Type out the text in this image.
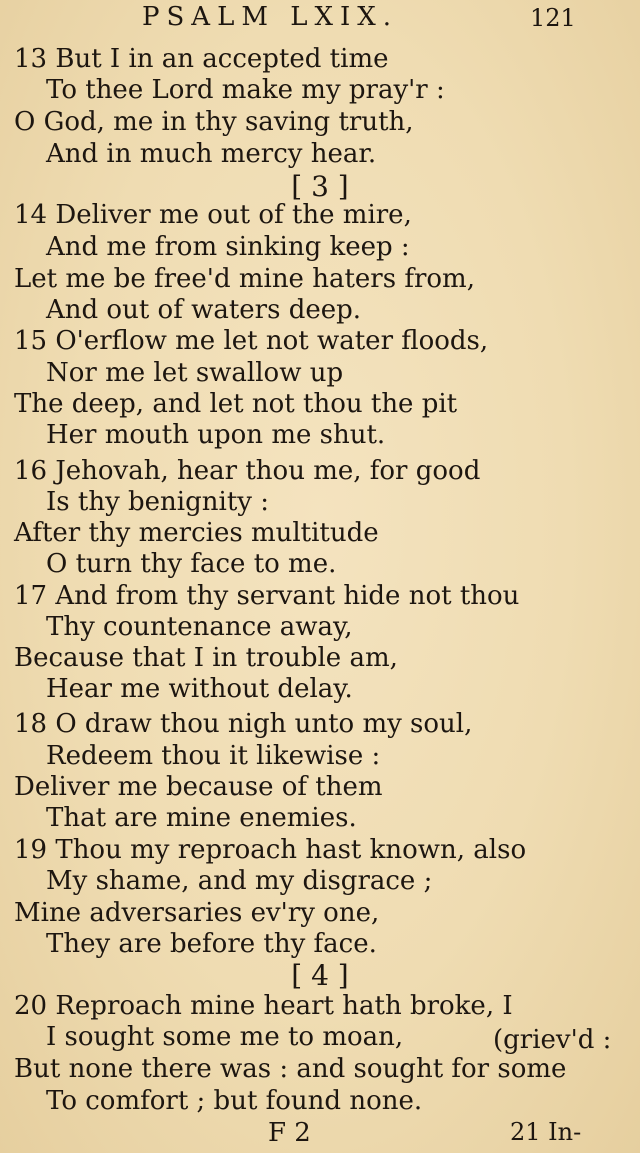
PSALM LXIX.	121
13 But I in an accepted time
To thee Lord make my pray'r :
O God, me in thy saving truth,
And in much mercy hear.
[ 3 ]
14 Deliver me out of the mire,
And me from sinking keep :
Let me be free'd mine haters from,
And out of waters deep.
15 O'erflow me let not water floods,
Nor me let swallow up
The deep, and let not thou the pit
Her mouth upon me shut.
16 Jehovah, hear thou me, for good
Is thy benignity :
After thy mercies multitude
O turn thy face to me.
17 And from thy servant hide not thou
Thy countenance away,
Because that I in trouble am,
Hear me without delay.
18 O draw thou nigh unto my soul,
Redeem thou it likewise :
Deliver me because of them
That are mine enemies.
19 Thou my reproach hast known, also
My shame, and my disgrace ;
Mine adversaries ev'ry one,
They are before thy face.
[ 4 ]
20 Reproach mine heart hath broke, I
I sought some me to moan,	(griev'd :
But none there was : and sought for some
To comfort ; but found none.
F 2	21 In-
